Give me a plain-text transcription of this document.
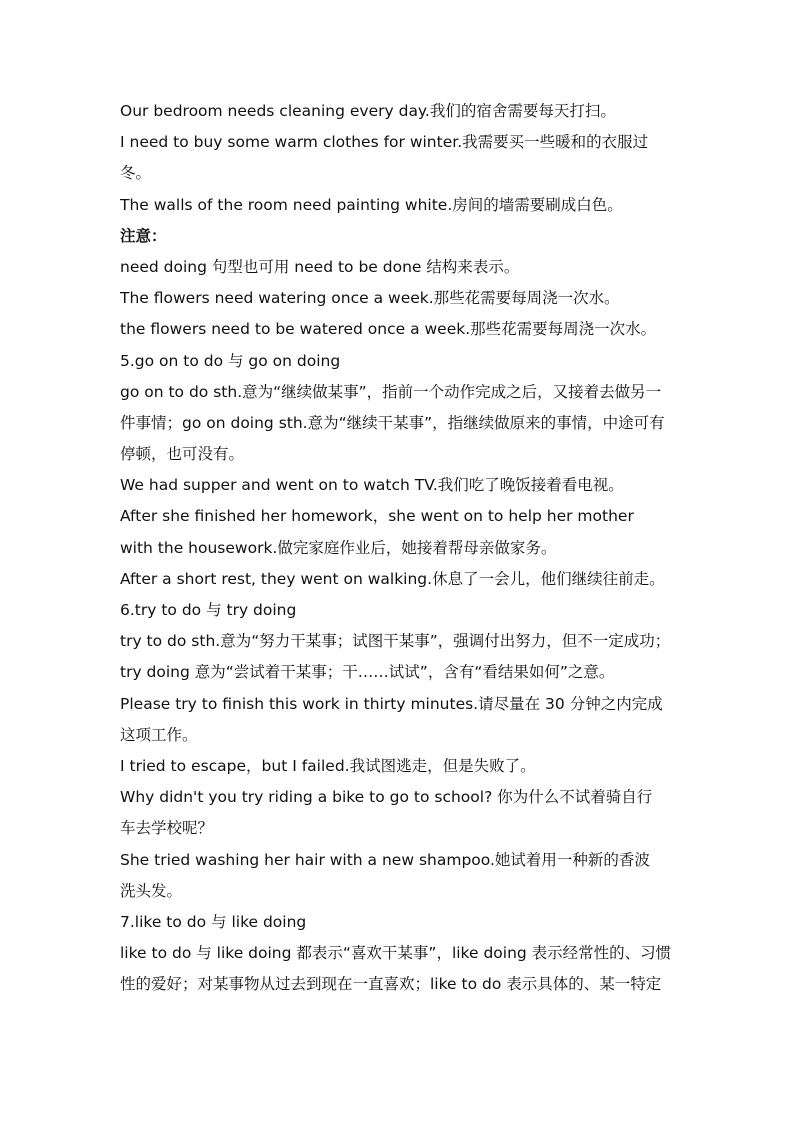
Our bedroom needs cleaning every day.我们的宿舍需要每天打扫。
I need to buy some warm clothes for winter.我需要买一些暖和的衣服过
冬。
The walls of the room need painting white.房间的墙需要刷成白色。
注意：
need doing 句型也可用 need to be done 结构来表示。
The flowers need watering once a week.那些花需要每周浇一次水。
the flowers need to be watered once a week.那些花需要每周浇一次水。
5.go on to do 与 go on doing
go on to do sth.意为“继续做某事”，指前一个动作完成之后，又接着去做另一
件事情；go on doing sth.意为“继续干某事”，指继续做原来的事情，中途可有
停顿，也可没有。
We had supper and went on to watch TV.我们吃了晚饭接着看电视。
After she finished her homework，she went on to help her mother
with the housework.做完家庭作业后，她接着帮母亲做家务。
After a short rest, they went on walking.休息了一会儿，他们继续往前走。
6.try to do 与 try doing
try to do sth.意为“努力干某事；试图干某事”，强调付出努力，但不一定成功；
try doing 意为“尝试着干某事；干……试试”，含有“看结果如何”之意。
Please try to finish this work in thirty minutes.请尽量在 30 分钟之内完成
这项工作。
I tried to escape，but I failed.我试图逃走，但是失败了。
Why didn't you try riding a bike to go to school? 你为什么不试着骑自行
车去学校呢？
She tried washing her hair with a new shampoo.她试着用一种新的香波
洗头发。
7.like to do 与 like doing
like to do 与 like doing 都表示“喜欢干某事”，like doing 表示经常性的、习惯
性的爱好；对某事物从过去到现在一直喜欢；like to do 表示具体的、某一特定
